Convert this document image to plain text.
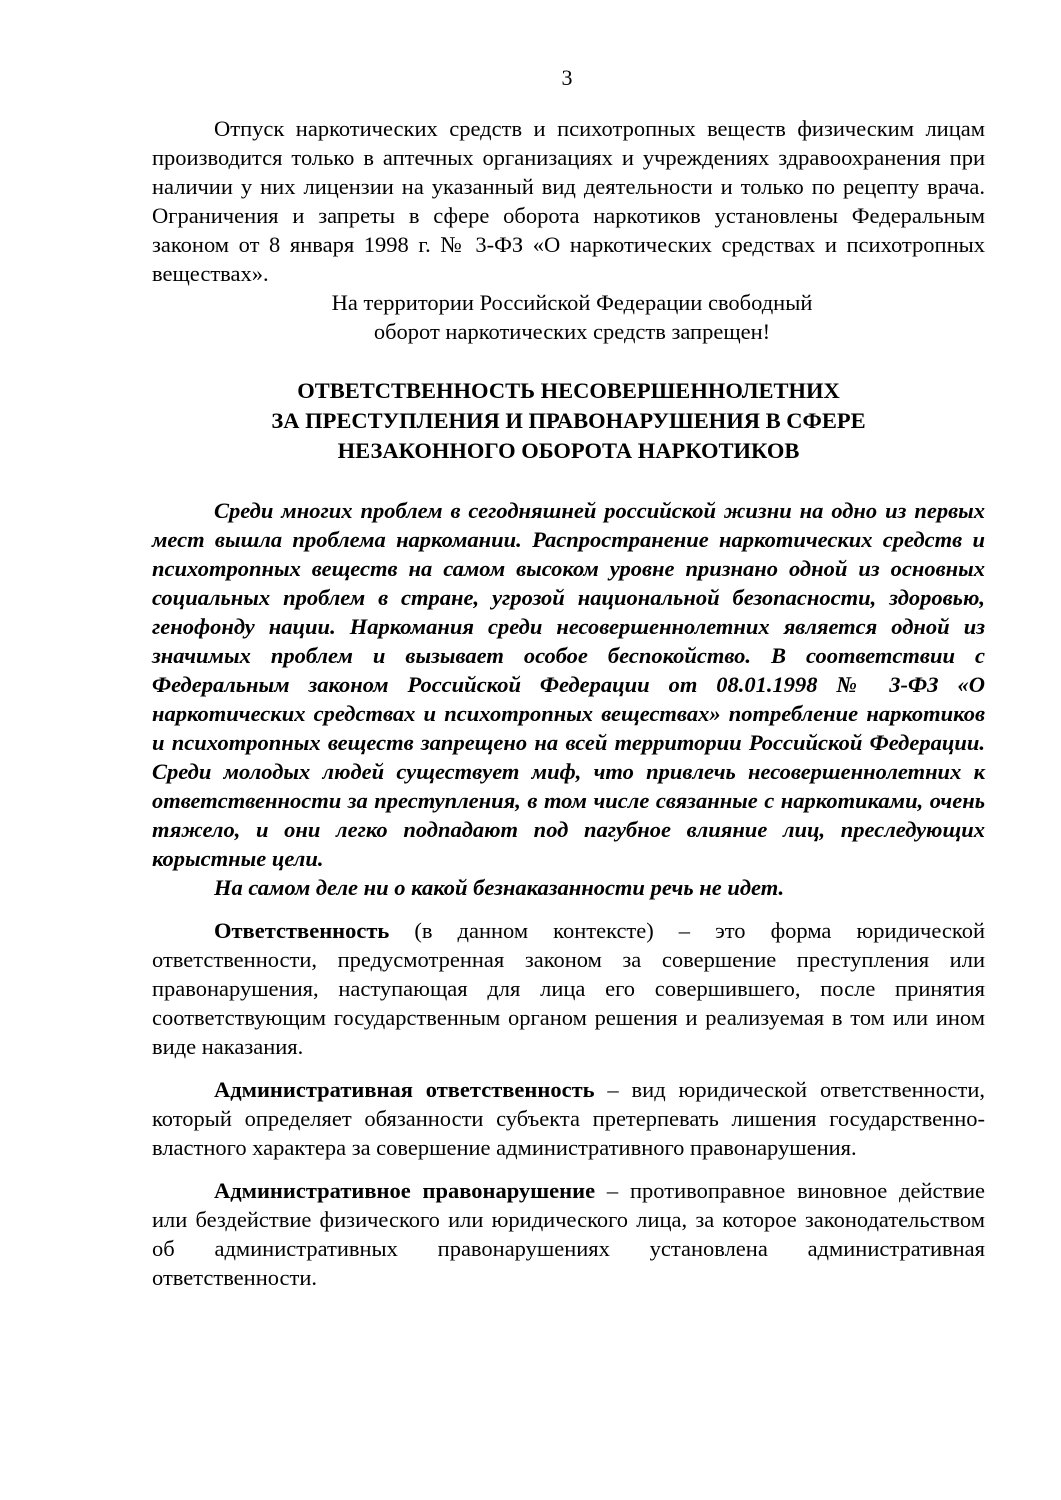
3

Отпуск наркотических средств и психотропных веществ физическим лицам производится только в аптечных организациях и учреждениях здравоохранения при наличии у них лицензии на указанный вид деятельности и только по рецепту врача. Ограничения и запреты в сфере оборота наркотиков установлены Федеральным законом от 8 января 1998 г. № 3-ФЗ «О наркотических средствах и психотропных веществах».

На территории Российской Федерации свободный
оборот наркотических средств запрещен!
ОТВЕТСТВЕННОСТЬ НЕСОВЕРШЕННОЛЕТНИХ
ЗА ПРЕСТУПЛЕНИЯ И ПРАВОНАРУШЕНИЯ В СФЕРЕ
НЕЗАКОННОГО ОБОРОТА НАРКОТИКОВ

Среди многих проблем в сегодняшней российской жизни на одно из первых мест вышла проблема наркомании. Распространение наркотических средств и психотропных веществ на самом высоком уровне признано одной из основных социальных проблем в стране, угрозой национальной безопасности, здоровью, генофонду нации. Наркомания среди несовершеннолетних является одной из значимых проблем и вызывает особое беспокойство. В соответствии с Федеральным законом Российской Федерации от 08.01.1998 № 3-ФЗ «О наркотических средствах и психотропных веществах» потребление наркотиков и психотропных веществ запрещено на всей территории Российской Федерации. Среди молодых людей существует миф, что привлечь несовершеннолетних к ответственности за преступления, в том числе связанные с наркотиками, очень тяжело, и они легко подпадают под пагубное влияние лиц, преследующих корыстные цели.

На самом деле ни о какой безнаказанности речь не идет.

Ответственность (в данном контексте) – это форма юридической ответственности, предусмотренная законом за совершение преступления или правонарушения, наступающая для лица его совершившего, после принятия соответствующим государственным органом решения и реализуемая в том или ином виде наказания.

Административная ответственность – вид юридической ответственности, который определяет обязанности субъекта претерпевать лишения государственно-властного характера за совершение административного правонарушения.

Административное правонарушение – противоправное виновное действие или бездействие физического или юридического лица, за которое законодательством об административных правонарушениях установлена административная ответственности.
